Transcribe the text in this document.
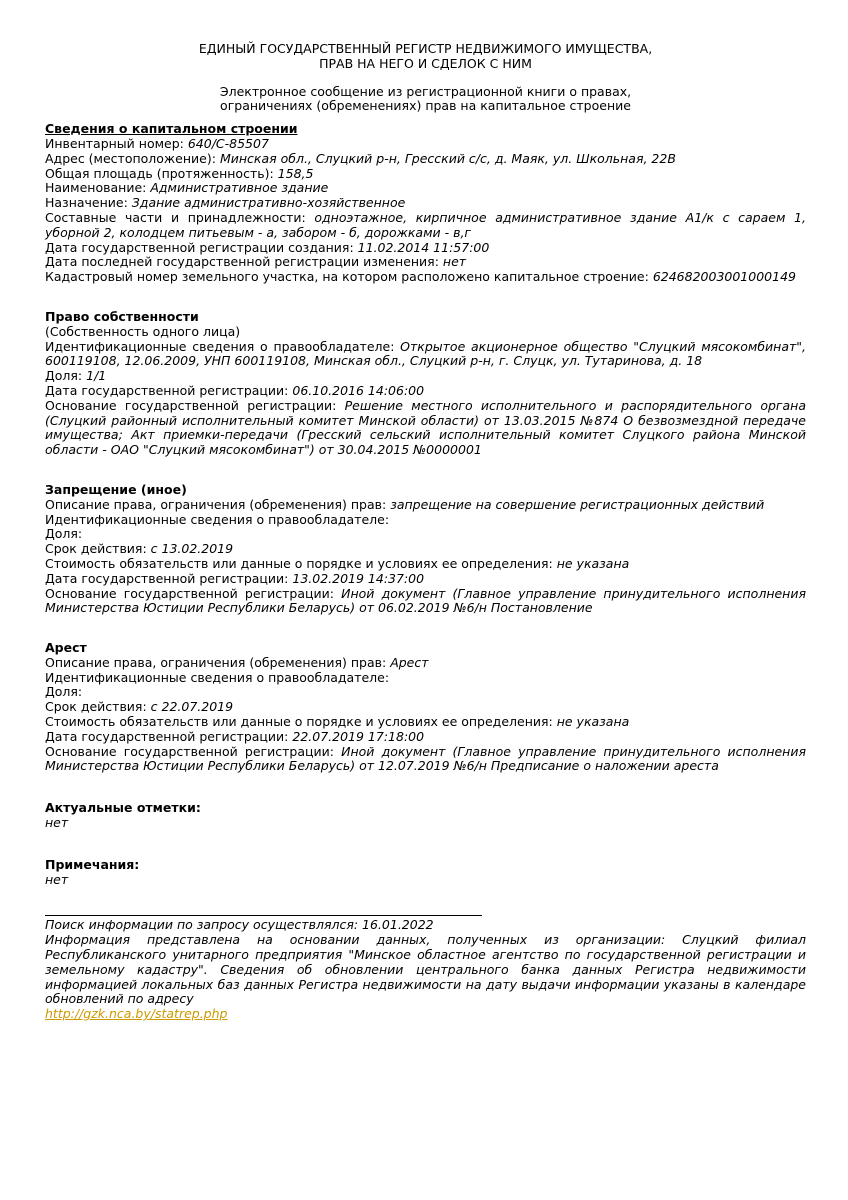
ЕДИНЫЙ ГОСУДАРСТВЕННЫЙ РЕГИСТР НЕДВИЖИМОГО ИМУЩЕСТВА,

ПРАВ НА НЕГО И СДЕЛОК С НИМ

Электронное сообщение из регистрационной книги о правах,

ограничениях (обременениях) прав на капитальное строение

Сведения о капитальном строении

Инвентарный номер: 640/С-85507

Адрес (местоположение): Минская обл., Слуцкий р-н, Гресский с/с, д. Маяк, ул. Школьная, 22В

Общая площадь (протяженность): 158,5

Наименование: Административное здание

Назначение: Здание административно-хозяйственное

Составные части и принадлежности: одноэтажное, кирпичное административное здание А1/к с сараем 1, уборной 2, колодцем питьевым - а, забором - б, дорожками - в,г

Дата государственной регистрации создания: 11.02.2014 11:57:00

Дата последней государственной регистрации изменения: нет

Кадастровый номер земельного участка, на котором расположено капитальное строение: 624682003001000149

Право собственности

(Собственность одного лица)

Идентификационные сведения о правообладателе: Открытое акционерное общество "Слуцкий мясокомбинат", 600119108, 12.06.2009, УНП 600119108, Минская обл., Слуцкий р-н, г. Слуцк, ул. Тутаринова, д. 18

Доля: 1/1

Дата государственной регистрации: 06.10.2016 14:06:00

Основание государственной регистрации: Решение местного исполнительного и распорядительного органа (Слуцкий районный исполнительный комитет Минской области) от 13.03.2015 №874 О безвозмездной передаче имущества; Акт приемки-передачи (Гресский сельский исполнительный комитет Слуцкого района Минской области - ОАО "Слуцкий мясокомбинат") от 30.04.2015 №0000001

Запрещение (иное)

Описание права, ограничения (обременения) прав: запрещение на совершение регистрационных действий

Идентификационные сведения о правообладателе:

Доля:

Срок действия: с 13.02.2019

Стоимость обязательств или данные о порядке и условиях ее определения: не указана

Дата государственной регистрации: 13.02.2019 14:37:00

Основание государственной регистрации: Иной документ (Главное управление принудительного исполнения Министерства Юстиции Республики Беларусь) от 06.02.2019 №6/н Постановление

Арест

Описание права, ограничения (обременения) прав: Арест

Идентификационные сведения о правообладателе:

Доля:

Срок действия: с 22.07.2019

Стоимость обязательств или данные о порядке и условиях ее определения: не указана

Дата государственной регистрации: 22.07.2019 17:18:00

Основание государственной регистрации: Иной документ (Главное управление принудительного исполнения Министерства Юстиции Республики Беларусь) от 12.07.2019 №6/н Предписание о наложении ареста

Актуальные отметки:

нет

Примечания:

нет

Поиск информации по запросу осуществлялся: 16.01.2022

Информация представлена на основании данных, полученных из организации: Слуцкий филиал Республиканского унитарного предприятия "Минское областное агентство по государственной регистрации и земельному кадастру". Сведения об обновлении центрального банка данных Регистра недвижимости информацией локальных баз данных Регистра недвижимости на дату выдачи информации указаны в календаре обновлений по адресу

http://gzk.nca.by/statrep.php
